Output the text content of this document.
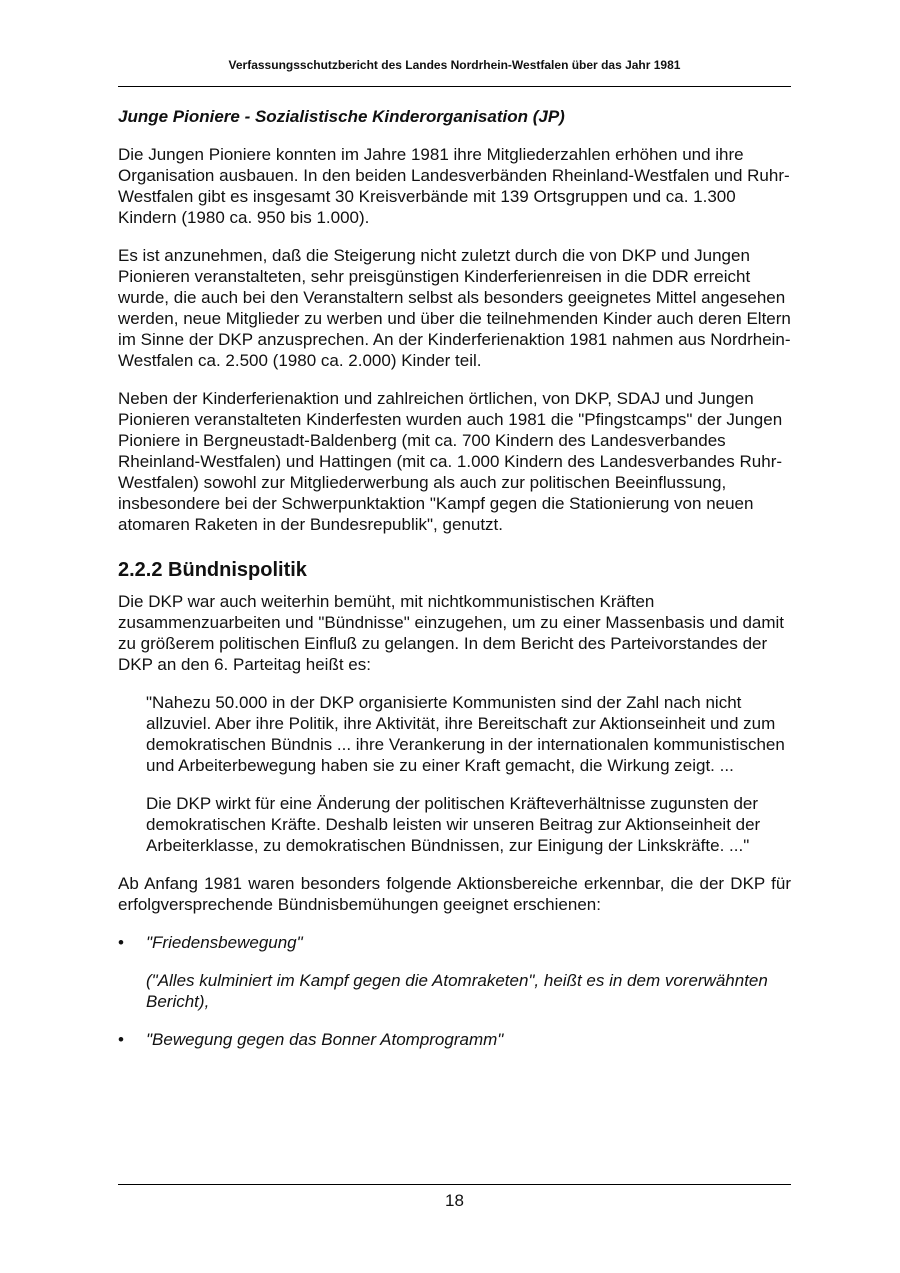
Verfassungsschutzbericht des Landes Nordrhein-Westfalen über das Jahr 1981
Junge Pioniere - Sozialistische Kinderorganisation (JP)

Die Jungen Pioniere konnten im Jahre 1981 ihre Mitgliederzahlen erhöhen und ihre Organisation ausbauen. In den beiden Landesverbänden Rheinland-Westfalen und Ruhr-Westfalen gibt es insgesamt 30 Kreisverbände mit 139 Ortsgruppen und ca. 1.300 Kindern (1980 ca. 950 bis 1.000).

Es ist anzunehmen, daß die Steigerung nicht zuletzt durch die von DKP und Jungen Pionieren veranstalteten, sehr preisgünstigen Kinderferienreisen in die DDR erreicht wurde, die auch bei den Veranstaltern selbst als besonders geeignetes Mittel angesehen werden, neue Mitglieder zu werben und über die teilnehmenden Kinder auch deren Eltern im Sinne der DKP anzusprechen. An der Kinderferienaktion 1981 nahmen aus Nordrhein-Westfalen ca. 2.500 (1980 ca. 2.000) Kinder teil.

Neben der Kinderferienaktion und zahlreichen örtlichen, von DKP, SDAJ und Jungen Pionieren veranstalteten Kinderfesten wurden auch 1981 die "Pfingstcamps" der Jungen Pioniere in Bergneustadt-Baldenberg (mit ca. 700 Kindern des Landesverbandes Rheinland-Westfalen) und Hattingen (mit ca. 1.000 Kindern des Landesverbandes Ruhr-Westfalen) sowohl zur Mitgliederwerbung als auch zur politischen Beeinflussung, insbesondere bei der Schwerpunktaktion "Kampf gegen die Stationierung von neuen atomaren Raketen in der Bundesrepublik", genutzt.

2.2.2 Bündnispolitik

Die DKP war auch weiterhin bemüht, mit nichtkommunistischen Kräften zusammenzuarbeiten und "Bündnisse" einzugehen, um zu einer Massenbasis und damit zu größerem politischen Einfluß zu gelangen. In dem Bericht des Parteivorstandes der DKP an den 6. Parteitag heißt es:

"Nahezu 50.000 in der DKP organisierte Kommunisten sind der Zahl nach nicht allzuviel. Aber ihre Politik, ihre Aktivität, ihre Bereitschaft zur Aktionseinheit und zum demokratischen Bündnis ... ihre Verankerung in der internationalen kommunistischen und Arbeiterbewegung haben sie zu einer Kraft gemacht, die Wirkung zeigt. ...

Die DKP wirkt für eine Änderung der politischen Kräfteverhältnisse zugunsten der demokratischen Kräfte. Deshalb leisten wir unseren Beitrag zur Aktionseinheit der Arbeiterklasse, zu demokratischen Bündnissen, zur Einigung der Linkskräfte. ..."

Ab Anfang 1981 waren besonders folgende Aktionsbereiche erkennbar, die der DKP für erfolgversprechende Bündnisbemühungen geeignet erschienen:

• "Friedensbewegung"
("Alles kulminiert im Kampf gegen die Atomraketen", heißt es in dem vorerwähnten Bericht),
• "Bewegung gegen das Bonner Atomprogramm"
18
